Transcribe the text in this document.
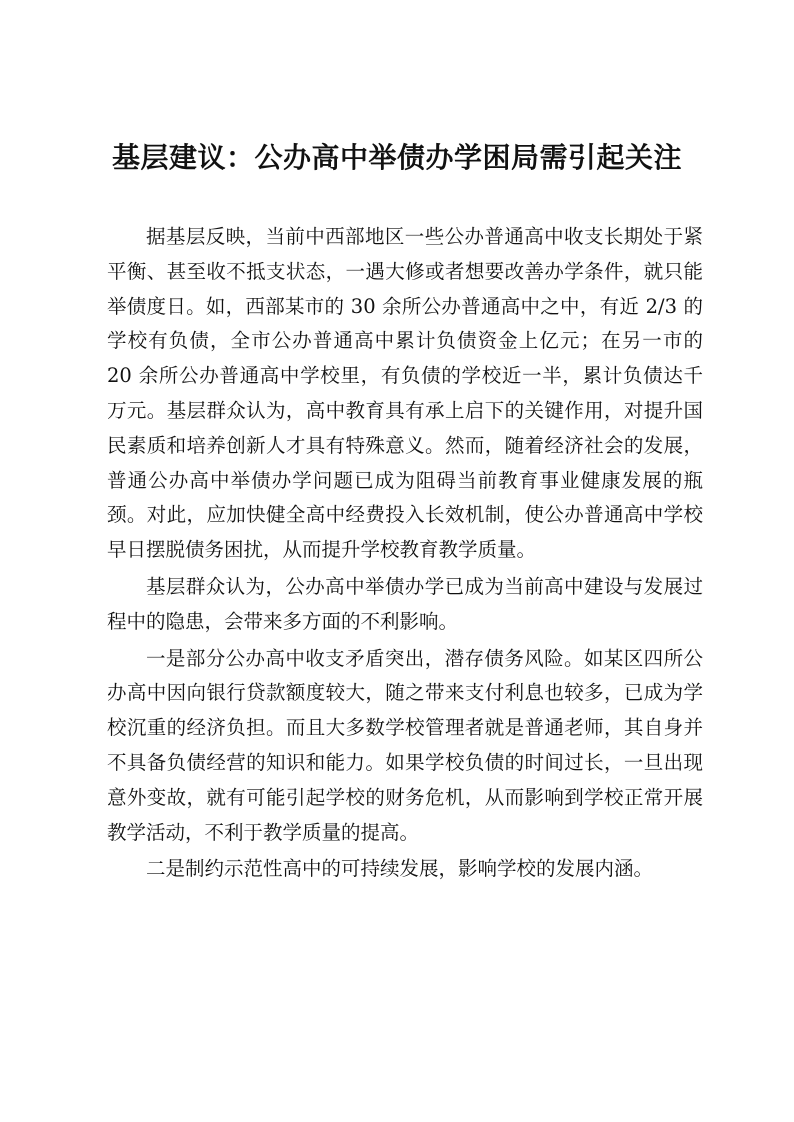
基层建议：公办高中举债办学困局需引起关注

据基层反映，当前中西部地区一些公办普通高中收支长期处于紧平衡、甚至收不抵支状态，一遇大修或者想要改善办学条件，就只能举债度日。如，西部某市的 30 余所公办普通高中之中，有近 2/3 的学校有负债，全市公办普通高中累计负债资金上亿元；在另一市的 20 余所公办普通高中学校里，有负债的学校近一半，累计负债达千万元。基层群众认为，高中教育具有承上启下的关键作用，对提升国民素质和培养创新人才具有特殊意义。然而，随着经济社会的发展，普通公办高中举债办学问题已成为阻碍当前教育事业健康发展的瓶颈。对此，应加快健全高中经费投入长效机制，使公办普通高中学校早日摆脱债务困扰，从而提升学校教育教学质量。

基层群众认为，公办高中举债办学已成为当前高中建设与发展过程中的隐患，会带来多方面的不利影响。

一是部分公办高中收支矛盾突出，潜存债务风险。如某区四所公办高中因向银行贷款额度较大，随之带来支付利息也较多，已成为学校沉重的经济负担。而且大多数学校管理者就是普通老师，其自身并不具备负债经营的知识和能力。如果学校负债的时间过长，一旦出现意外变故，就有可能引起学校的财务危机，从而影响到学校正常开展教学活动，不利于教学质量的提高。

二是制约示范性高中的可持续发展，影响学校的发展内涵。
